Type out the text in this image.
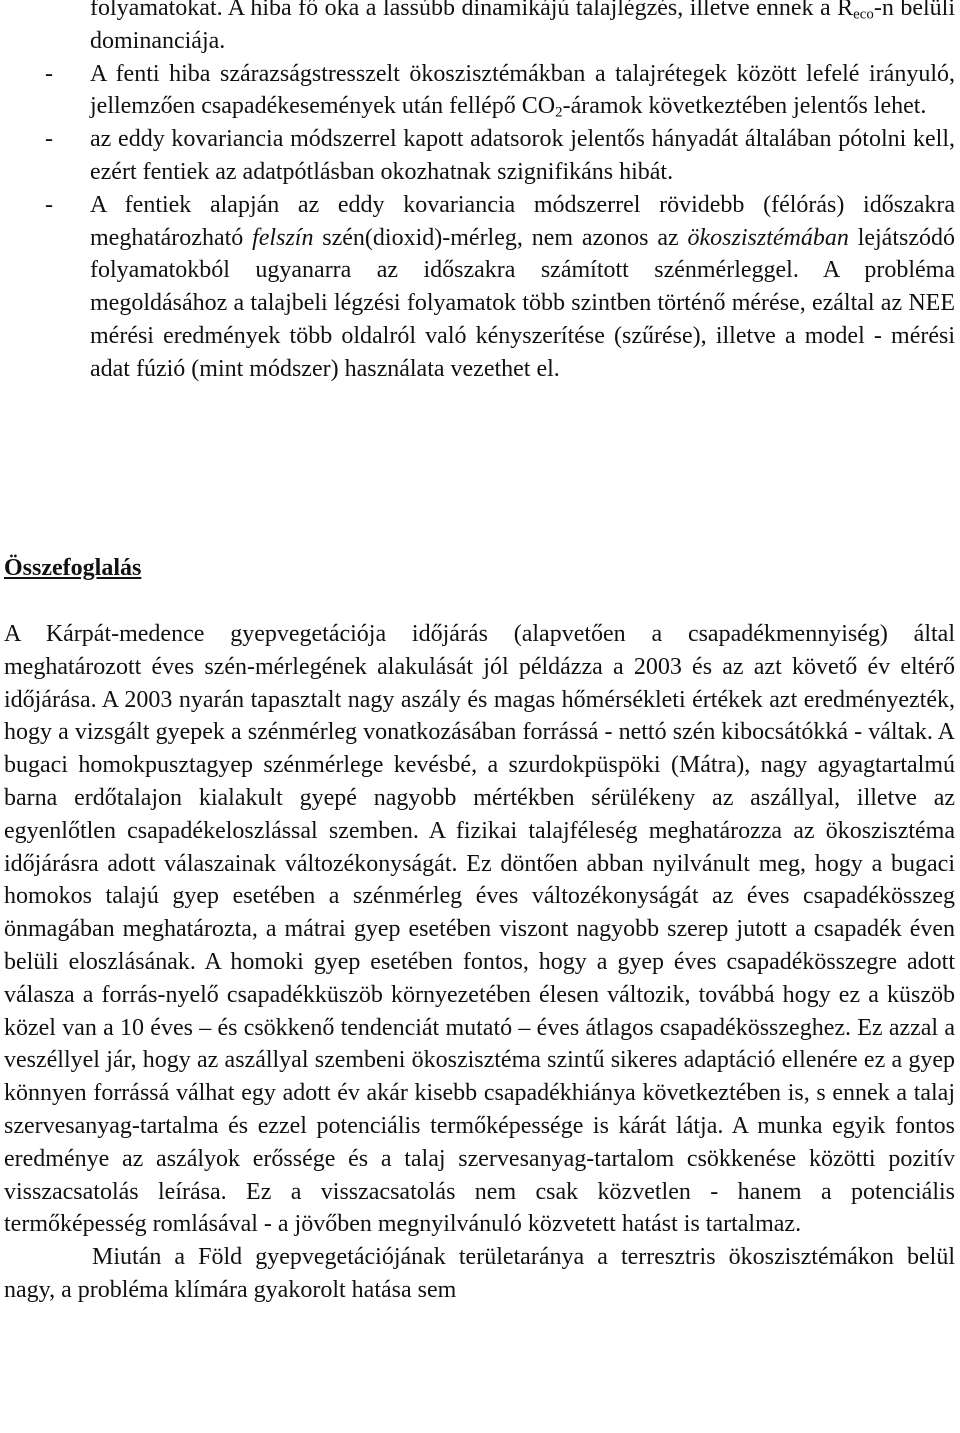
folyamatokat. A hiba fő oka a lassúbb dinamikájú talajlégzés, illetve ennek a $R_{eco}-n$ belüli dominanciája.
- A fenti hiba szárazságstresszelt ökoszisztémákban a talajrétegek között lefelé irányuló, jellemzően csapadékesemények után fellépő $CO_2$-áramok következtében jelentős lehet.
- az eddy kovariancia módszerrel kapott adatsorok jelentős hányadát általában pótolni kell, ezért fentiek az adatpótlásban okozhatnak szignifikáns hibát.
- A fentiek alapján az eddy kovariancia módszerrel rövidebb (félórás) időszakra meghatározható felszín szén(dioxid)-mérleg, nem azonos az ökoszisztémában lejátszódó folyamatokból ugyanarra az időszakra számított szénmérleggel. A probléma megoldásához a talajbeli légzési folyamatok több szintben történő mérése, ezáltal az NEE mérési eredmények több oldalról való kényszerítése (szűrése), illetve a model - mérési adat fúzió (mint módszer) használata vezethet el.
Összefoglalás

A Kárpát-medence gyepvegetációja időjárás (alapvetően a csapadékmennyiség) által meghatározott éves szén-mérlegének alakulását jól példázza a 2003 és az azt követő év eltérő időjárása. A 2003 nyarán tapasztalt nagy aszály és magas hőmérsékleti értékek azt eredményezték, hogy a vizsgált gyepek a szénmérleg vonatkozásában forrássá - nettó szén kibocsátókká - váltak. A bugaci homokpusztagyep szénmérlege kevésbé, a szurdokpüspöki (Mátra), nagy agyagtartalmú barna erdőtalajon kialakult gyepé nagyobb mértékben sérülékeny az aszállyal, illetve az egyenlőtlen csapadékeloszlással szemben. A fizikai talajféleség meghatározza az ökoszisztéma időjárásra adott válaszainak változékonyságát. Ez döntően abban nyilvánult meg, hogy a bugaci homokos talajú gyep esetében a szénmérleg éves változékonyságát az éves csapadékösszeg önmagában meghatározta, a mátrai gyep esetében viszont nagyobb szerep jutott a csapadék éven belüli eloszlásának. A homoki gyep esetében fontos, hogy a gyep éves csapadékösszegre adott válasza a forrás-nyelő csapadékküszöb környezetében élesen változik, továbbá hogy ez a küszöb közel van a 10 éves – és csökkenő tendenciát mutató – éves átlagos csapadékösszeghez. Ez azzal a veszéllyel jár, hogy az aszállyal szembeni ökoszisztéma szintű sikeres adaptáció ellenére ez a gyep könnyen forrássá válhat egy adott év akár kisebb csapadékhiánya következtében is, s ennek a talaj szervesanyag-tartalma és ezzel potenciális termőképessége is kárát látja. A munka egyik fontos eredménye az aszályok erőssége és a talaj szervesanyag-tartalom csökkenése közötti pozitív visszacsatolás leírása. Ez a visszacsatolás nem csak közvetlen - hanem a potenciális termőképesség romlásával - a jövőben megnyilvánuló közvetett hatást is tartalmaz.

Miután a Föld gyepvegetációjának területaránya a terresztris ökoszisztémákon belül nagy, a probléma klímára gyakorolt hatása sem
